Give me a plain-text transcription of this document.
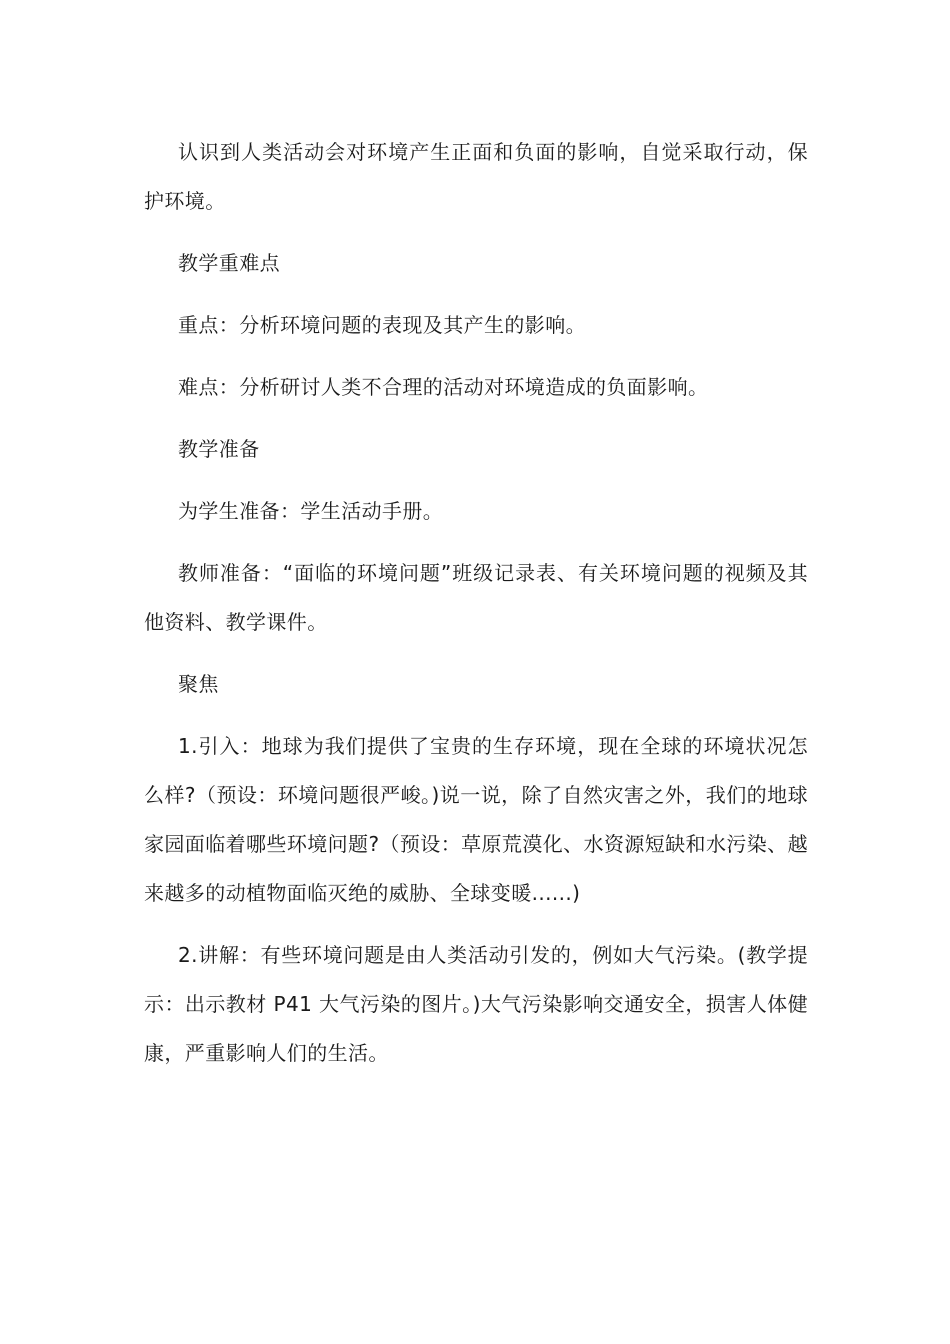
认识到人类活动会对环境产生正面和负面的影响，自觉采取行动，保护环境。

教学重难点

重点：分析环境问题的表现及其产生的影响。

难点：分析研讨人类不合理的活动对环境造成的负面影响。

教学准备

为学生准备：学生活动手册。

教师准备：“面临的环境问题”班级记录表、有关环境问题的视频及其他资料、教学课件。

聚焦

1.引入：地球为我们提供了宝贵的生存环境，现在全球的环境状况怎么样?（预设：环境问题很严峻。)说一说，除了自然灾害之外，我们的地球家园面临着哪些环境问题?（预设：草原荒漠化、水资源短缺和水污染、越来越多的动植物面临灭绝的威胁、全球变暖......)

2.讲解：有些环境问题是由人类活动引发的，例如大气污染。(教学提示：出示教材 P41 大气污染的图片。)大气污染影响交通安全，损害人体健康，严重影响人们的生活。
